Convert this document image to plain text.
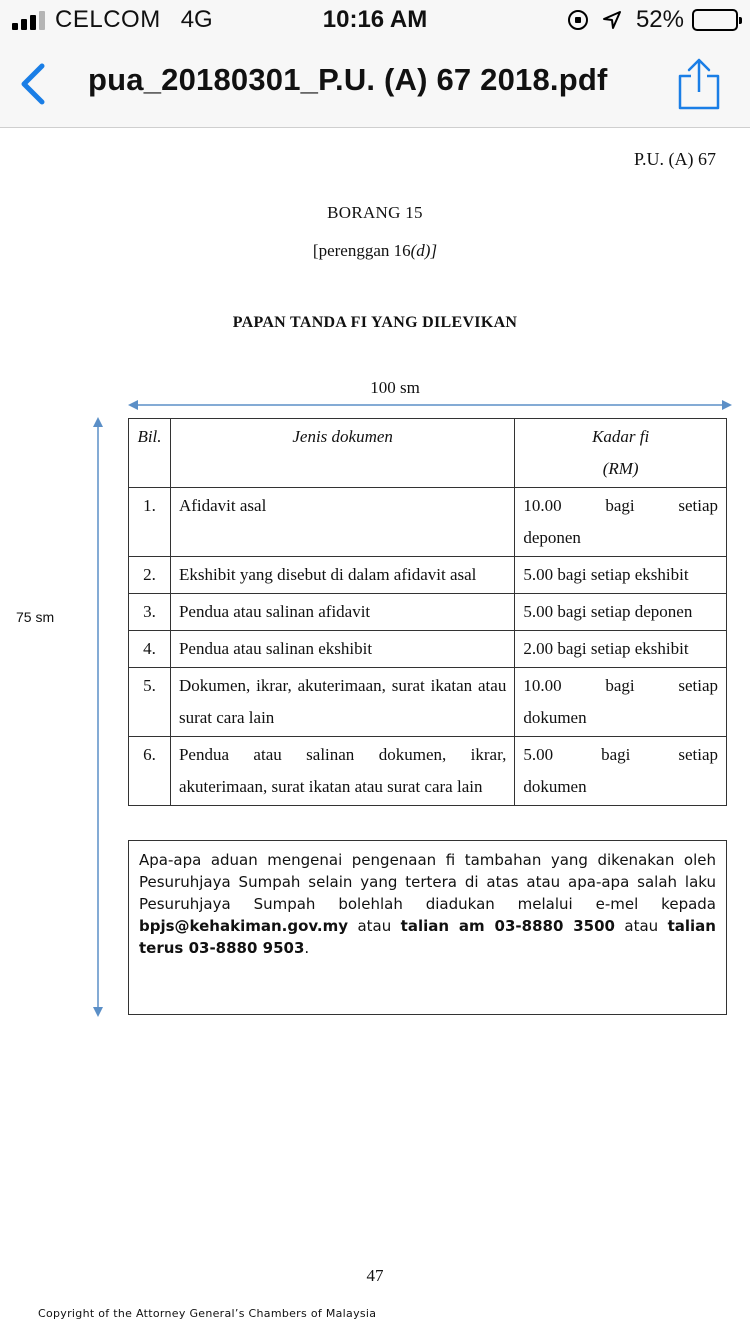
CELCOM 4G	10:16 AM	52%
pua_20180301_P.U. (A) 67 2018.pdf
P.U. (A) 67
BORANG 15
[perenggan 16(d)]
PAPAN TANDA FI YANG DILEVIKAN
100 sm
75 sm
Bil.	Jenis dokumen	Kadar fi
(RM)

1.	Afidavit asal	10.00 bagi setiap
deponen

2.	Ekshibit yang disebut di dalam afidavit asal	5.00 bagi setiap ekshibit

3.	Pendua atau salinan afidavit	5.00 bagi setiap deponen

4.	Pendua atau salinan ekshibit	2.00 bagi setiap ekshibit

5.	Dokumen, ikrar, akuterimaan, surat ikatan atau surat cara lain	10.00 bagi setiap
dokumen

6.	Pendua atau salinan dokumen, ikrar, akuterimaan, surat ikatan atau surat cara lain	5.00 bagi setiap
dokumen
Apa-apa aduan mengenai pengenaan fi tambahan yang dikenakan oleh Pesuruhjaya Sumpah selain yang tertera di atas atau apa-apa salah laku Pesuruhjaya Sumpah bolehlah diadukan melalui e-mel kepada bpjs@kehakiman.gov.my atau talian am 03-8880 3500 atau talian terus 03-8880 9503.
47
Copyright of the Attorney General’s Chambers of Malaysia
